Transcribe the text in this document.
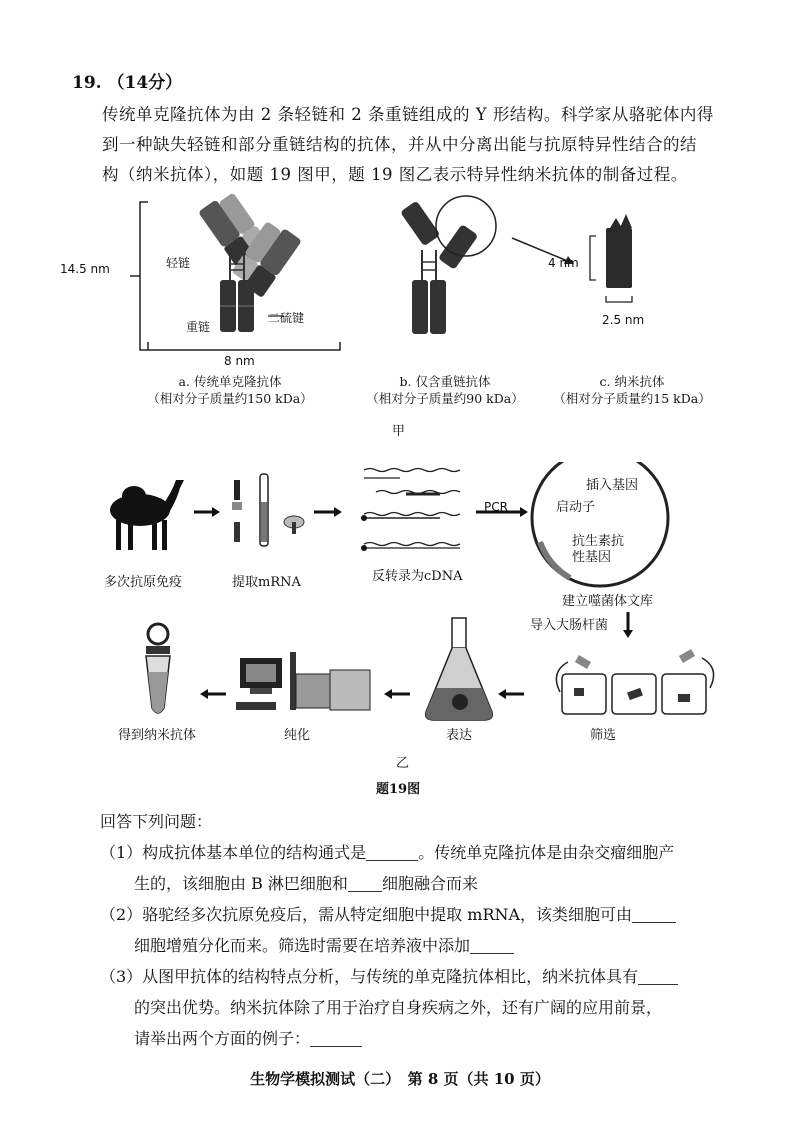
19. （14分）
传统单克隆抗体为由 2 条轻链和 2 条重链组成的 Y 形结构。科学家从骆驼体内得
到一种缺失轻链和部分重链结构的抗体，并从中分离出能与抗原特异性结合的结
构（纳米抗体），如题 19 图甲，题 19 图乙表示特异性纳米抗体的制备过程。
14.5 nm	轻链
重链
二硫键
8 nm
4 nm
2.5 nm
a. 传统单克隆抗体
（相对分子质量约150 kDa）
b. 仅含重链抗体
（相对分子质量约90 kDa）
c. 纳米抗体
（相对分子质量约15 kDa）
甲
多次抗原免疫	提取mRNA	反转录为cDNA
PCR
插入基因
启动子
抗生素抗
性基因
建立噬菌体文库
导入大肠杆菌
筛选
表达
纯化
得到纳米抗体
乙
题19图
回答下列问题：
（1）构成抗体基本单位的结构通式是	。传统单克隆抗体是由杂交瘤细胞产
生的，该细胞由 B 淋巴细胞和 细胞融合而来
（2）骆驼经多次抗原免疫后，需从特定细胞中提取 mRNA，该类细胞可由
细胞增殖分化而来。筛选时需要在培养液中添加
（3）从图甲抗体的结构特点分析，与传统的单克隆抗体相比，纳米抗体具有
的突出优势。纳米抗体除了用于治疗自身疾病之外，还有广阔的应用前景，
请举出两个方面的例子：
生物学模拟测试（二）　第 8 页（共 10 页）
